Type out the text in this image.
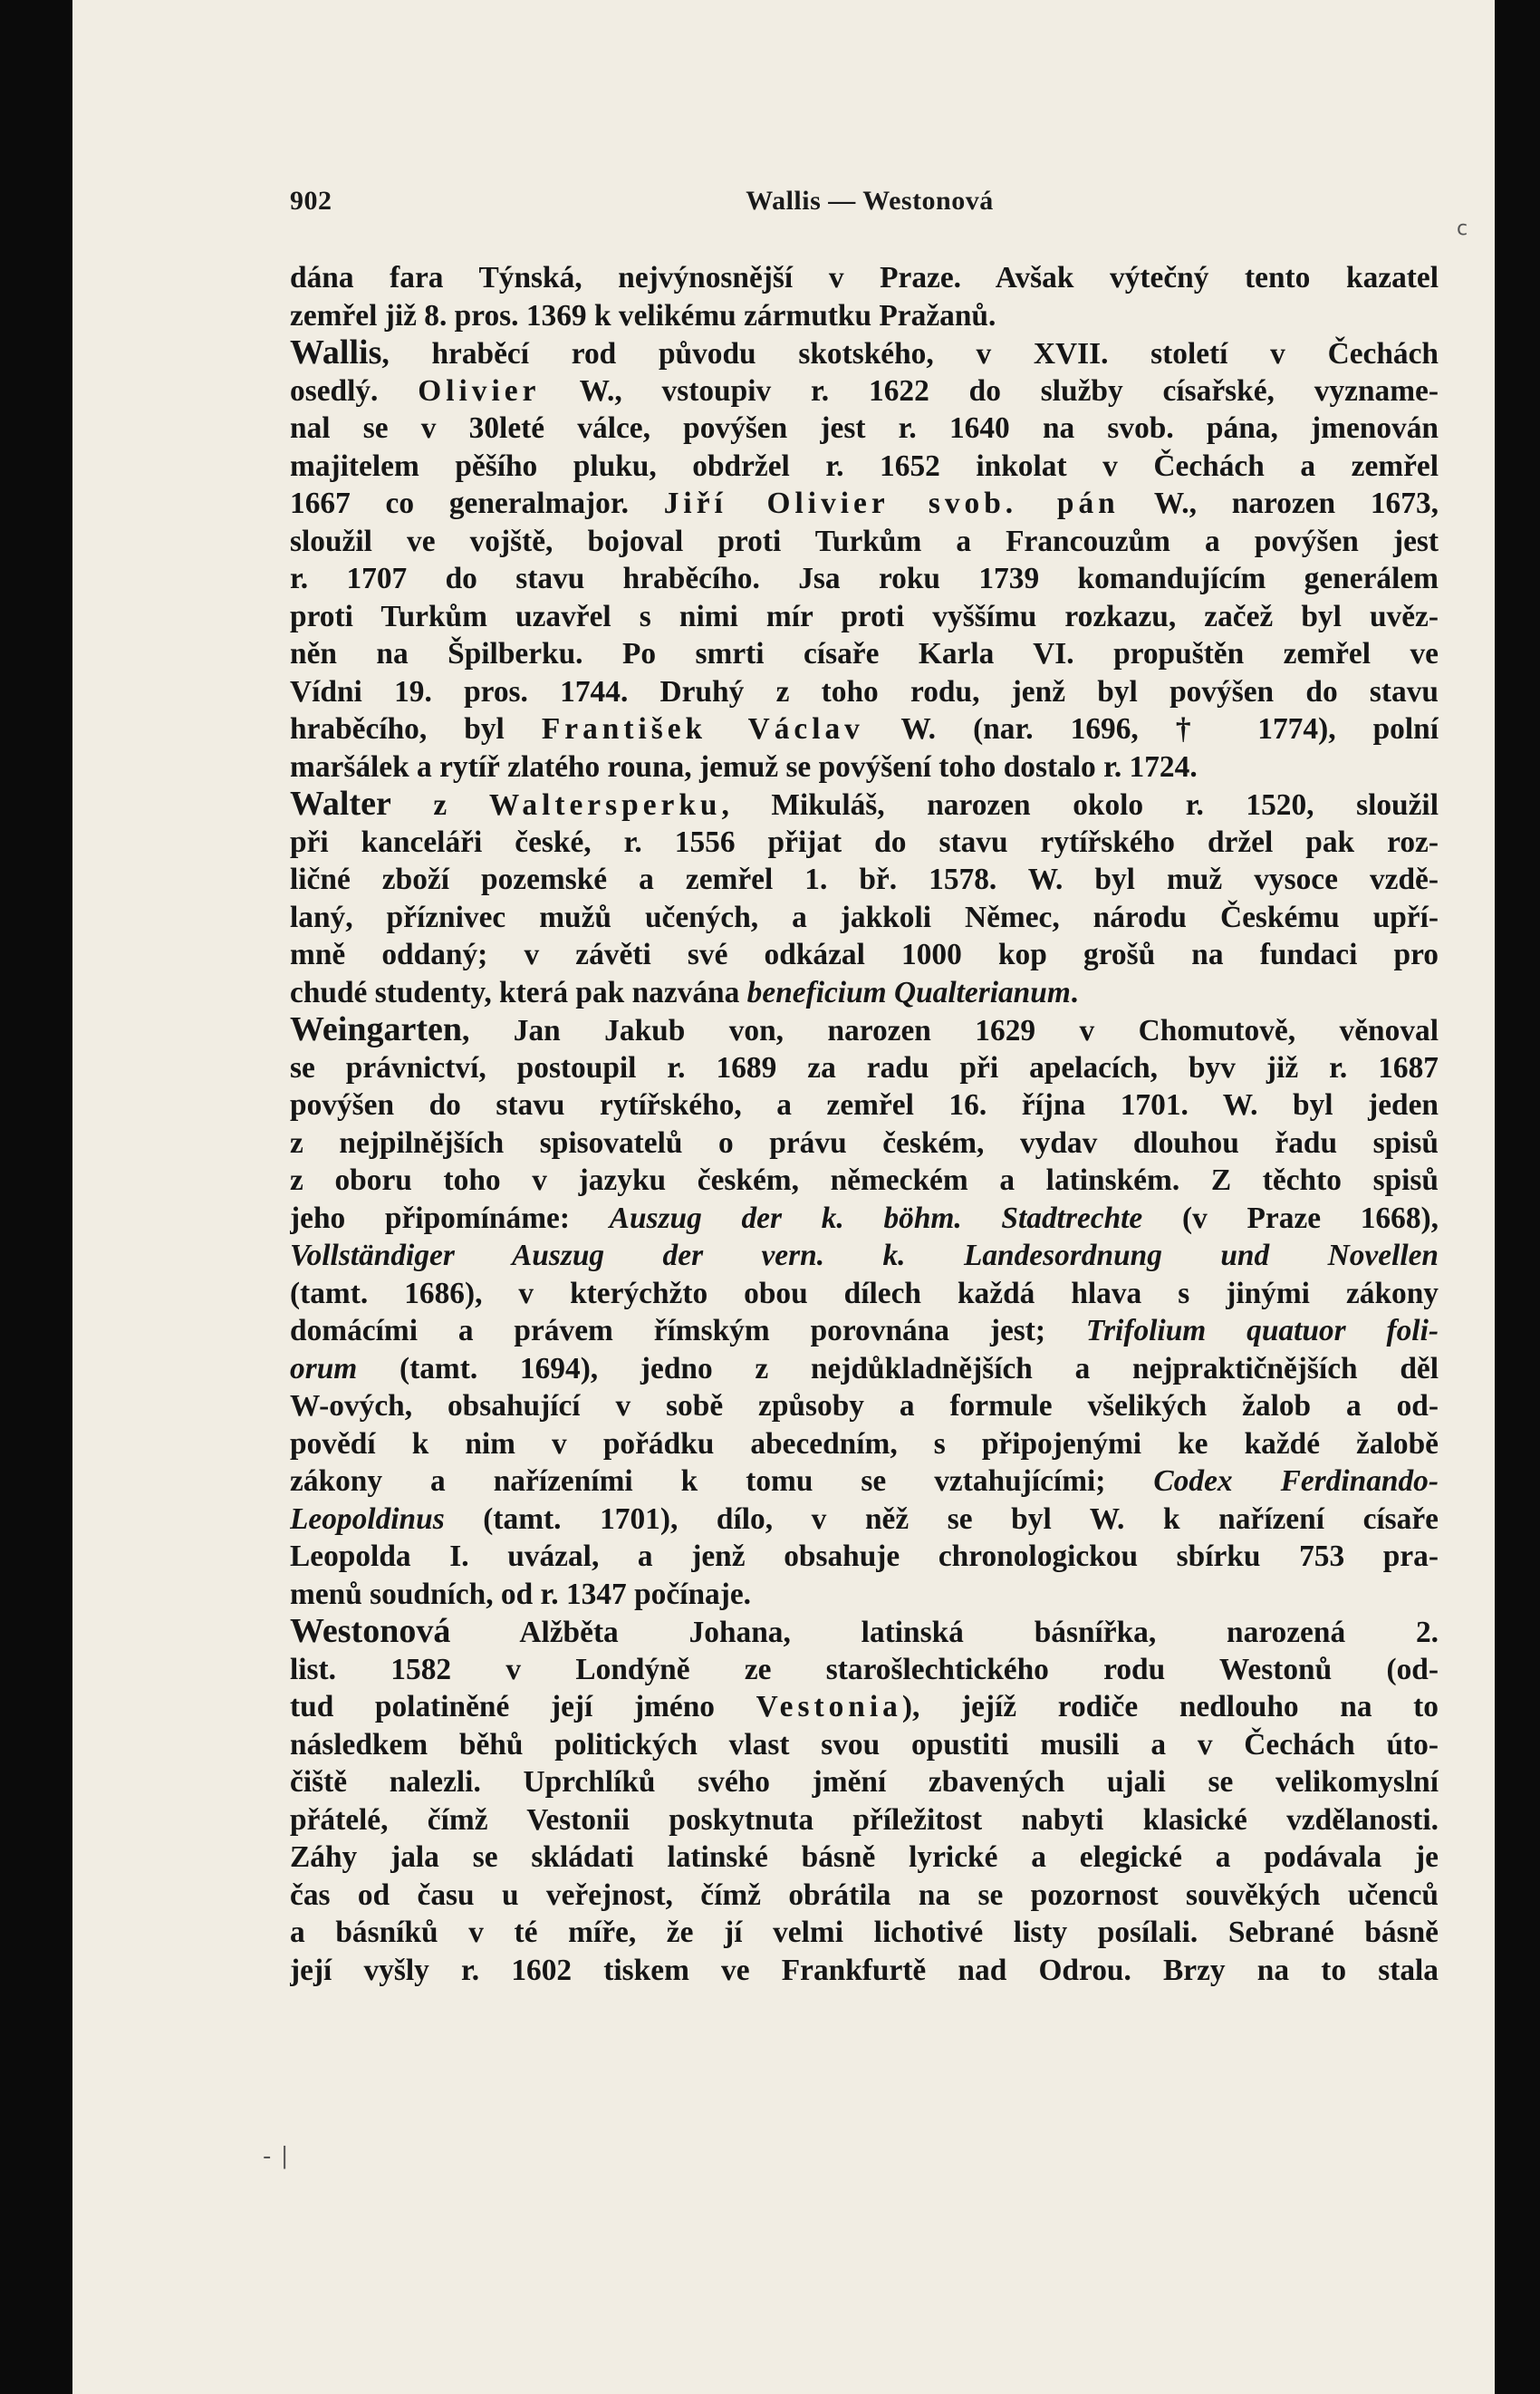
902	Wallis — Westonová
dána fara Týnská, nejvýnosnější v Praze. Avšak výtečný tento kazatel
zemřel již 8. pros. 1369 k velikému zármutku Pražanů.
Wallis, hraběcí rod původu skotského, v XVII. století v Čechách
osedlý. Olivier W., vstoupiv r. 1622 do služby císařské, vyzname-
nal se v 30leté válce, povýšen jest r. 1640 na svob. pána, jmenován
majitelem pěšího pluku, obdržel r. 1652 inkolat v Čechách a zemřel
1667 co generalmajor. Jiří Olivier svob. pán W., narozen 1673,
sloužil ve vojště, bojoval proti Turkům a Francouzům a povýšen jest
r. 1707 do stavu hraběcího. Jsa roku 1739 komandujícím generálem
proti Turkům uzavřel s nimi mír proti vyššímu rozkazu, začež byl uvěz-
něn na Špilberku. Po smrti císaře Karla VI. propuštěn zemřel ve
Vídni 19. pros. 1744. Druhý z toho rodu, jenž byl povýšen do stavu
hraběcího, byl František Václav W. (nar. 1696, † 1774), polní
maršálek a rytíř zlatého rouna, jemuž se povýšení toho dostalo r. 1724.
Walter z Waltersperku, Mikuláš, narozen okolo r. 1520, sloužil
při kanceláři české, r. 1556 přijat do stavu rytířského držel pak roz-
ličné zboží pozemské a zemřel 1. bř. 1578. W. byl muž vysoce vzdě-
laný, příznivec mužů učených, a jakkoli Němec, národu Českému upří-
mně oddaný; v závěti své odkázal 1000 kop grošů na fundaci pro
chudé studenty, která pak nazvána beneficium Qualterianum.
Weingarten, Jan Jakub von, narozen 1629 v Chomutově, věnoval
se právnictví, postoupil r. 1689 za radu při apelacích, byv již r. 1687
povýšen do stavu rytířského, a zemřel 16. října 1701. W. byl jeden
z nejpilnějších spisovatelů o právu českém, vydav dlouhou řadu spisů
z oboru toho v jazyku českém, německém a latinském. Z těchto spisů
jeho připomínáme: Auszug der k. böhm. Stadtrechte (v Praze 1668),
Vollständiger Auszug der vern. k. Landesordnung und Novellen
(tamt. 1686), v kterýchžto obou dílech každá hlava s jinými zákony
domácími a právem římským porovnána jest; Trifolium quatuor foli-
orum (tamt. 1694), jedno z nejdůkladnějších a nejpraktičnějších děl
W-ových, obsahující v sobě způsoby a formule všelikých žalob a od-
povědí k nim v pořádku abecedním, s připojenými ke každé žalobě
zákony a nařízeními k tomu se vztahujícími; Codex Ferdinando-
Leopoldinus (tamt. 1701), dílo, v něž se byl W. k nařízení císaře
Leopolda I. uvázal, a jenž obsahuje chronologickou sbírku 753 pra-
menů soudních, od r. 1347 počínaje.
Westonová Alžběta Johana, latinská básnířka, narozená 2.
list. 1582 v Londýně ze starošlechtického rodu Westonů (od-
tud polatiněné její jméno Vestonia), jejíž rodiče nedlouho na to
následkem běhů politických vlast svou opustiti musili a v Čechách úto-
čiště nalezli. Uprchlíků svého jmění zbavených ujali se velikomyslní
přátelé, čímž Vestonii poskytnuta příležitost nabyti klasické vzdělanosti.
Záhy jala se skládati latinské básně lyrické a elegické a podávala je
čas od času u veřejnost, čímž obrátila na se pozornost souvěkých učenců
a básníků v té míře, že jí velmi lichotivé listy posílali. Sebrané básně
její vyšly r. 1602 tiskem ve Frankfurtě nad Odrou. Brzy na to stala
ϲ
‑ ∣
